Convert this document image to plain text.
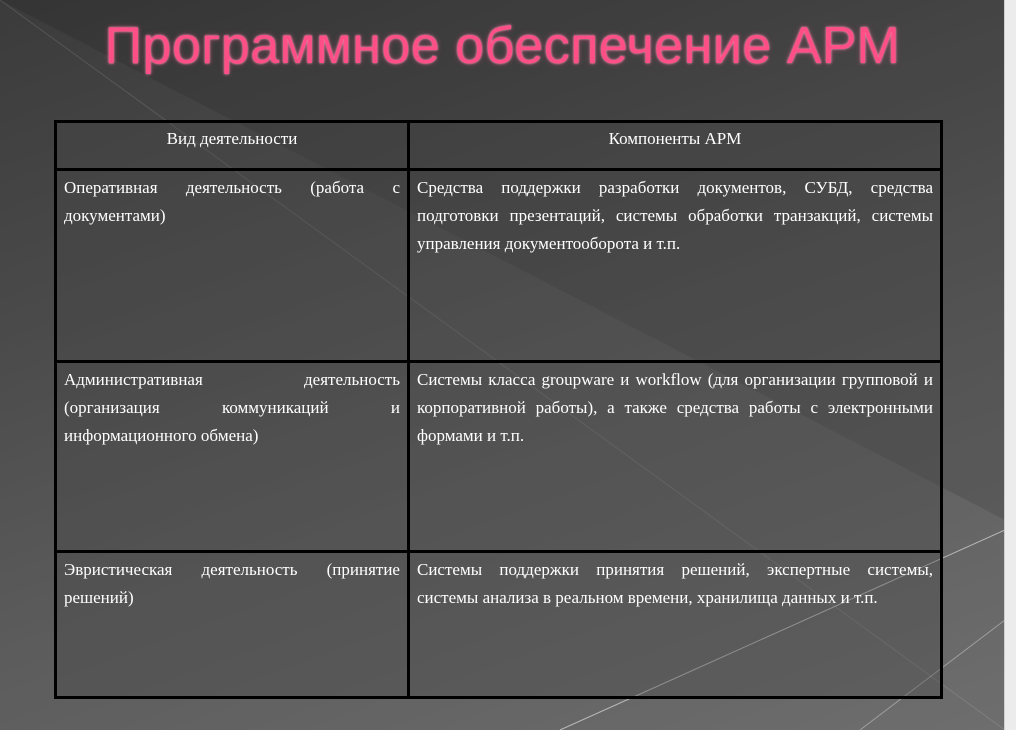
Программное обеспечение АРМ
Вид деятельности	Компоненты АРМ
Оперативная деятельность (работа с документами)	Средства поддержки разработки документов, СУБД, средства подготовки презентаций, системы обработки транзакций, системы управления документооборота и т.п.
Административная деятельность (организация коммуникаций и информационного обмена)	Системы класса groupware и workflow (для организации групповой и корпоративной работы), а также средства работы с электронными формами и т.п.
Эвристическая деятельность (принятие решений)	Системы поддержки принятия решений, экспертные системы, системы анализа в реальном времени, хранилища данных и т.п.
